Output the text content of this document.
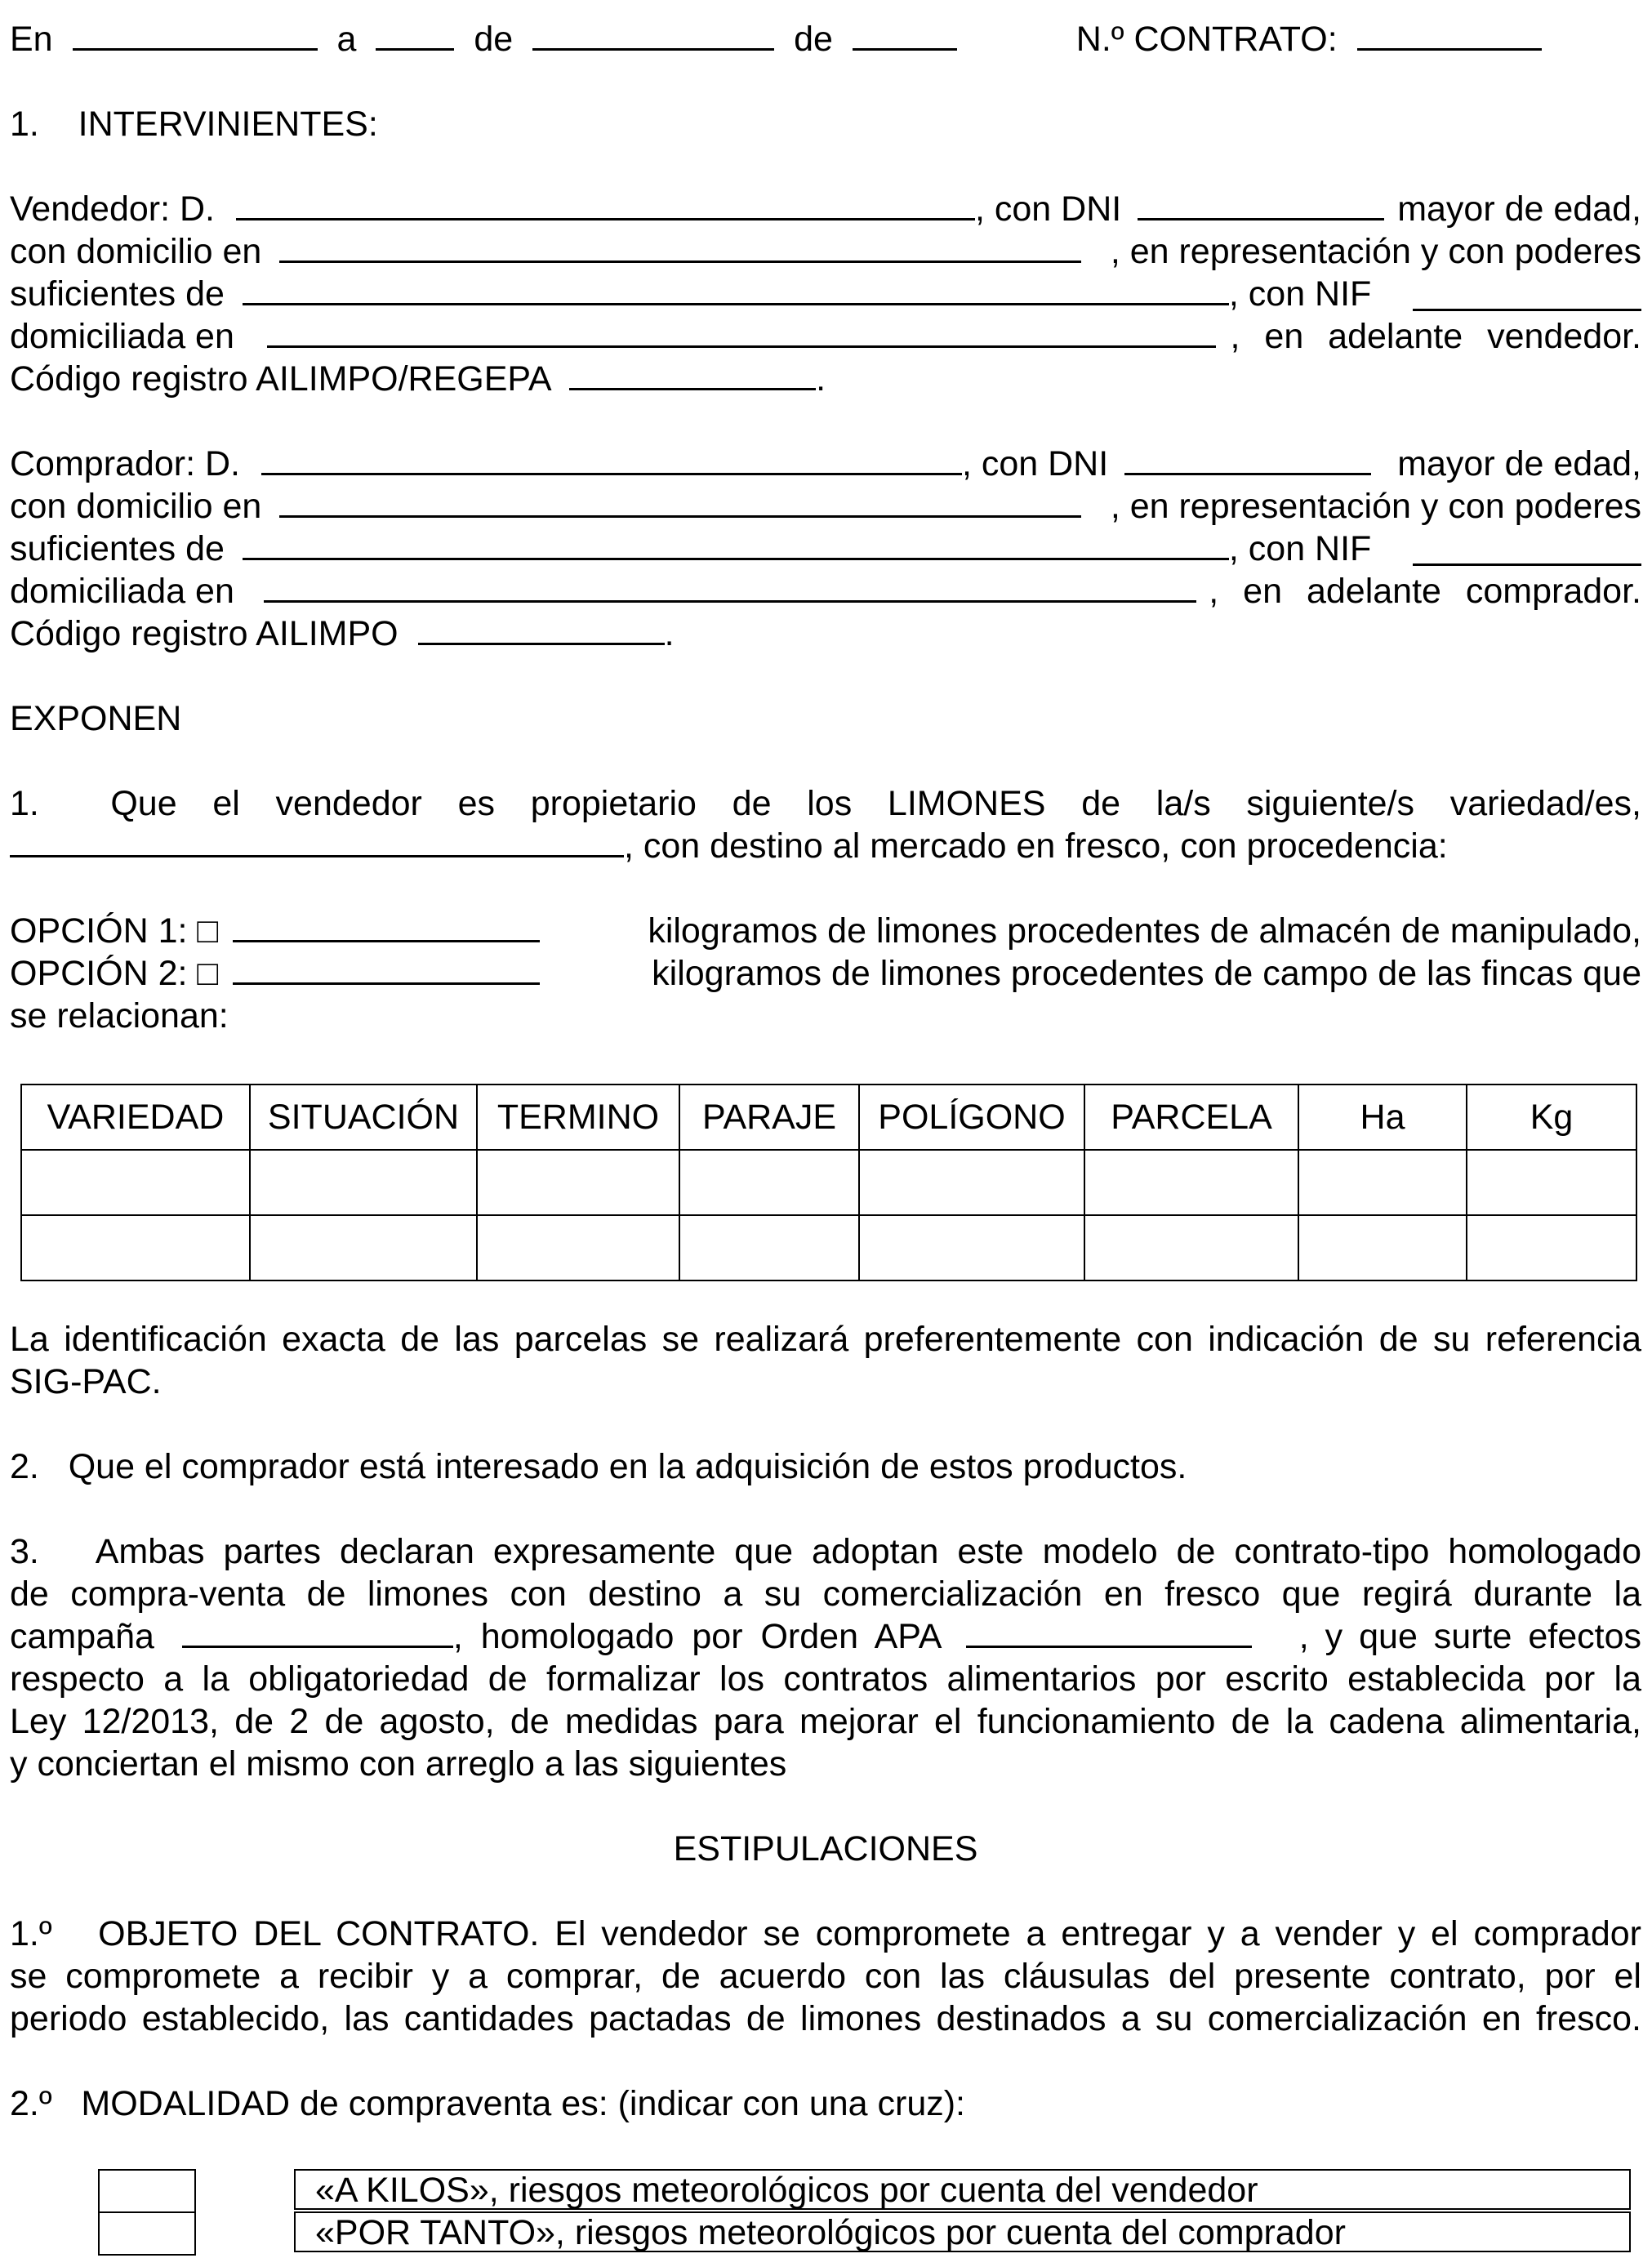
En	a	de	de	N.º CONTRATO:
1.    INTERVINIENTES:
Vendedor: D.	, con DNI	mayor de edad,
con domicilio en	, en representación y con poderes
suficientes de	, con NIF
domiciliada en	, en adelante vendedor.
Código registro AILIMPO/REGEPA	.
Comprador: D.	, con DNI	mayor de edad,
con domicilio en	, en representación y con poderes
suficientes de	, con NIF
domiciliada en	, en adelante comprador.
Código registro AILIMPO	.
EXPONEN
1.  Que el vendedor es propietario de los LIMONES de la/s siguiente/s variedad/es,
, con destino al mercado en fresco, con procedencia:
OPCIÓN 1: □	kilogramos de limones procedentes de almacén de manipulado,
OPCIÓN 2: □	kilogramos de limones procedentes de campo de las fincas que
se relacionan:
VARIEDAD	SITUACIÓN	TERMINO	PARAJE	POLÍGONO	PARCELA	Ha	Kg

La identificación exacta de las parcelas se realizará preferentemente con indicación de su referencia
SIG-PAC.
2.   Que el comprador está interesado en la adquisición de estos productos.
3.   Ambas partes declaran expresamente que adoptan este modelo de contrato-tipo homologado
de compra-venta de limones con destino a su comercialización en fresco que regirá durante la
campaña	, homologado por Orden APA	, y que surte efectos
respecto a la obligatoriedad de formalizar los contratos alimentarios por escrito establecida por la
Ley 12/2013, de 2 de agosto, de medidas para mejorar el funcionamiento de la cadena alimentaria,
y conciertan el mismo con arreglo a las siguientes
ESTIPULACIONES
1.º   OBJETO DEL CONTRATO. El vendedor se compromete a entregar y a vender y el comprador
se compromete a recibir y a comprar, de acuerdo con las cláusulas del presente contrato, por el
periodo establecido, las cantidades pactadas de limones destinados a su comercialización en fresco.
2.º   MODALIDAD de compraventa es: (indicar con una cruz):
«A KILOS», riesgos meteorológicos por cuenta del vendedor
«POR TANTO», riesgos meteorológicos por cuenta del comprador
